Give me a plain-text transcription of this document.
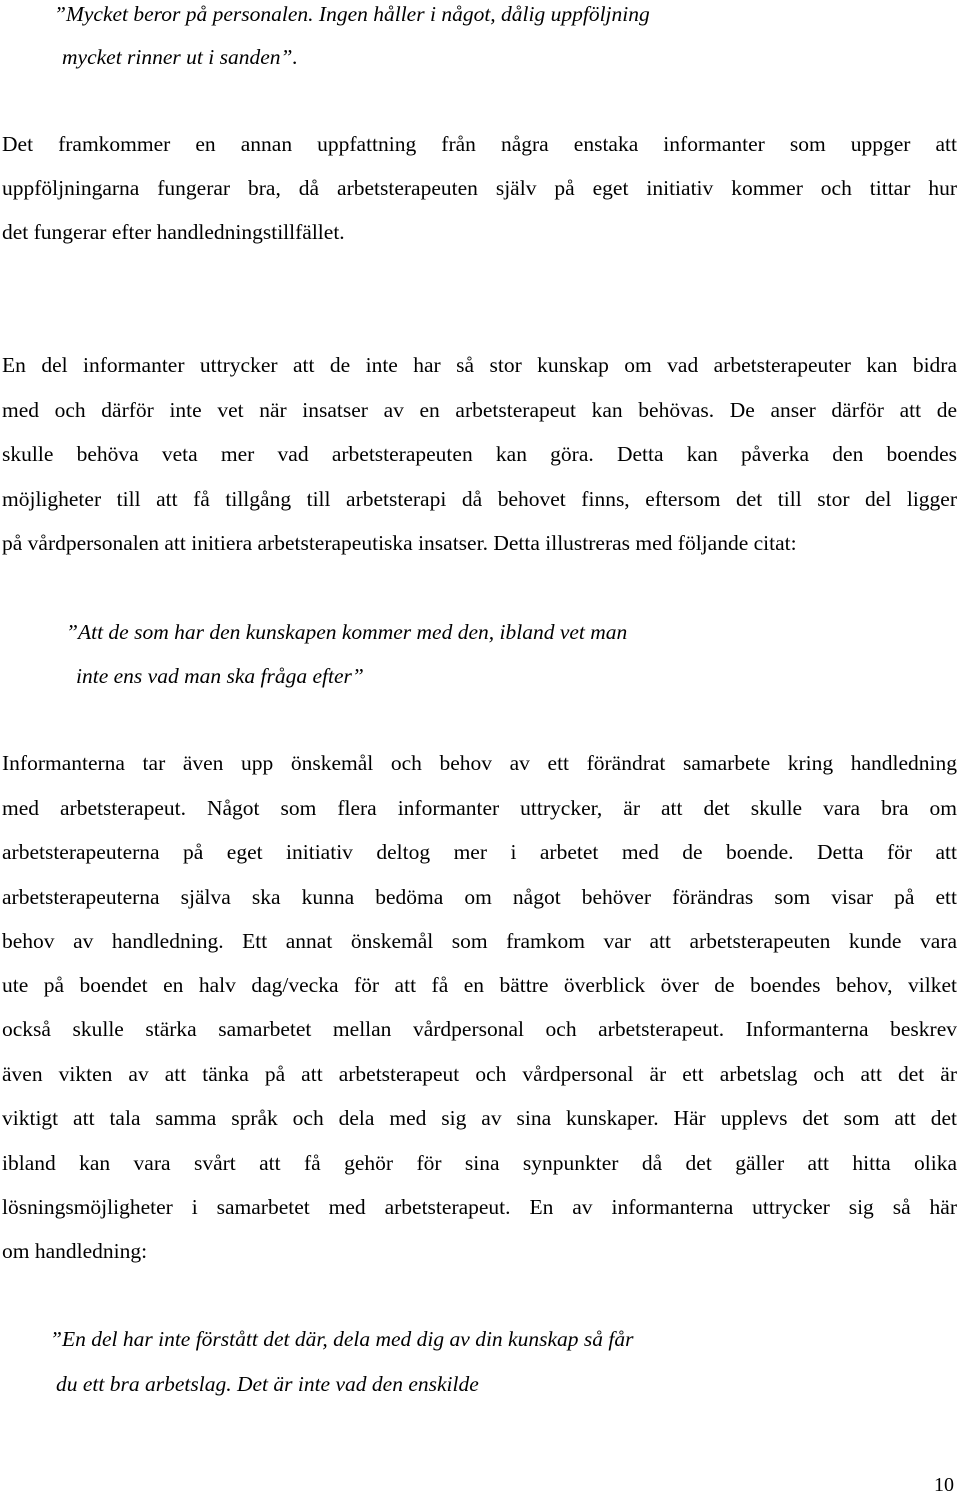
”Mycket beror på personalen. Ingen håller i något, dålig uppföljning

mycket rinner ut i sanden”.

Det framkommer en annan uppfattning från några enstaka informanter som uppger att

uppföljningarna fungerar bra, då arbetsterapeuten själv på eget initiativ kommer och tittar hur

det fungerar efter handledningstillfället.

En del informanter uttrycker att de inte har så stor kunskap om vad arbetsterapeuter kan bidra

med och därför inte vet när insatser av en arbetsterapeut kan behövas. De anser därför att de

skulle behöva veta mer vad arbetsterapeuten kan göra. Detta kan påverka den boendes

möjligheter till att få tillgång till arbetsterapi då behovet finns, eftersom det till stor del ligger

på vårdpersonalen att initiera arbetsterapeutiska insatser. Detta illustreras med följande citat:

”Att de som har den kunskapen kommer med den, ibland vet man

inte ens vad man ska fråga efter”

Informanterna tar även upp önskemål och behov av ett förändrat samarbete kring handledning

med arbetsterapeut. Något som flera informanter uttrycker, är att det skulle vara bra om

arbetsterapeuterna på eget initiativ deltog mer i arbetet med de boende. Detta för att

arbetsterapeuterna själva ska kunna bedöma om något behöver förändras som visar på ett

behov av handledning. Ett annat önskemål som framkom var att arbetsterapeuten kunde vara

ute på boendet en halv dag/vecka för att få en bättre överblick över de boendes behov, vilket

också skulle stärka samarbetet mellan vårdpersonal och arbetsterapeut. Informanterna beskrev

även vikten av att tänka på att arbetsterapeut och vårdpersonal är ett arbetslag och att det är

viktigt att tala samma språk och dela med sig av sina kunskaper. Här upplevs det som att det

ibland kan vara svårt att få gehör för sina synpunkter då det gäller att hitta olika

lösningsmöjligheter i samarbetet med arbetsterapeut. En av informanterna uttrycker sig så här

om handledning:

”En del har inte förstått det där, dela med dig av din kunskap så får

du ett bra arbetslag. Det är inte vad den enskilde

10
